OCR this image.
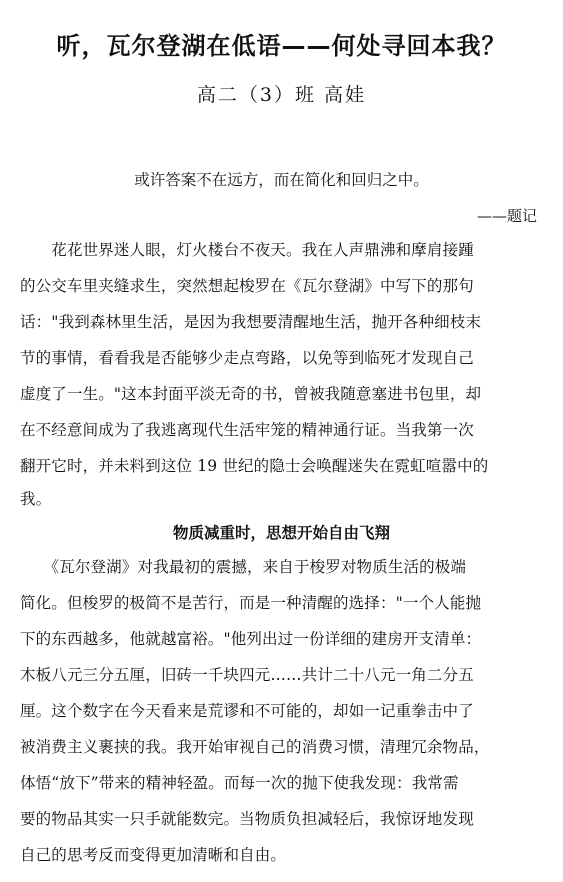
听，瓦尔登湖在低语——何处寻回本我？
高二（3）班 高娃
或许答案不在远方，而在简化和回归之中。
——题记
　　花花世界迷人眼，灯火楼台不夜天。我在人声鼎沸和摩肩接踵
的公交车里夹缝求生，突然想起梭罗在《瓦尔登湖》中写下的那句
话："我到森林里生活，是因为我想要清醒地生活，抛开各种细枝末
节的事情，看看我是否能够少走点弯路，以免等到临死才发现自己
虚度了一生。"这本封面平淡无奇的书，曾被我随意塞进书包里，却
在不经意间成为了我逃离现代生活牢笼的精神通行证。当我第一次
翻开它时，并未料到这位 19 世纪的隐士会唤醒迷失在霓虹喧嚣中的
我。
物质减重时，思想开始自由飞翔
　　《瓦尔登湖》对我最初的震撼，来自于梭罗对物质生活的极端
简化。但梭罗的极简不是苦行，而是一种清醒的选择："一个人能抛
下的东西越多，他就越富裕。"他列出过一份详细的建房开支清单：
木板八元三分五厘，旧砖一千块四元……共计二十八元一角二分五
厘。这个数字在今天看来是荒谬和不可能的，却如一记重拳击中了
被消费主义裹挟的我。我开始审视自己的消费习惯，清理冗余物品，
体悟“放下”带来的精神轻盈。而每一次的抛下使我发现：我常需
要的物品其实一只手就能数完。当物质负担减轻后，我惊讶地发现
自己的思考反而变得更加清晰和自由。
